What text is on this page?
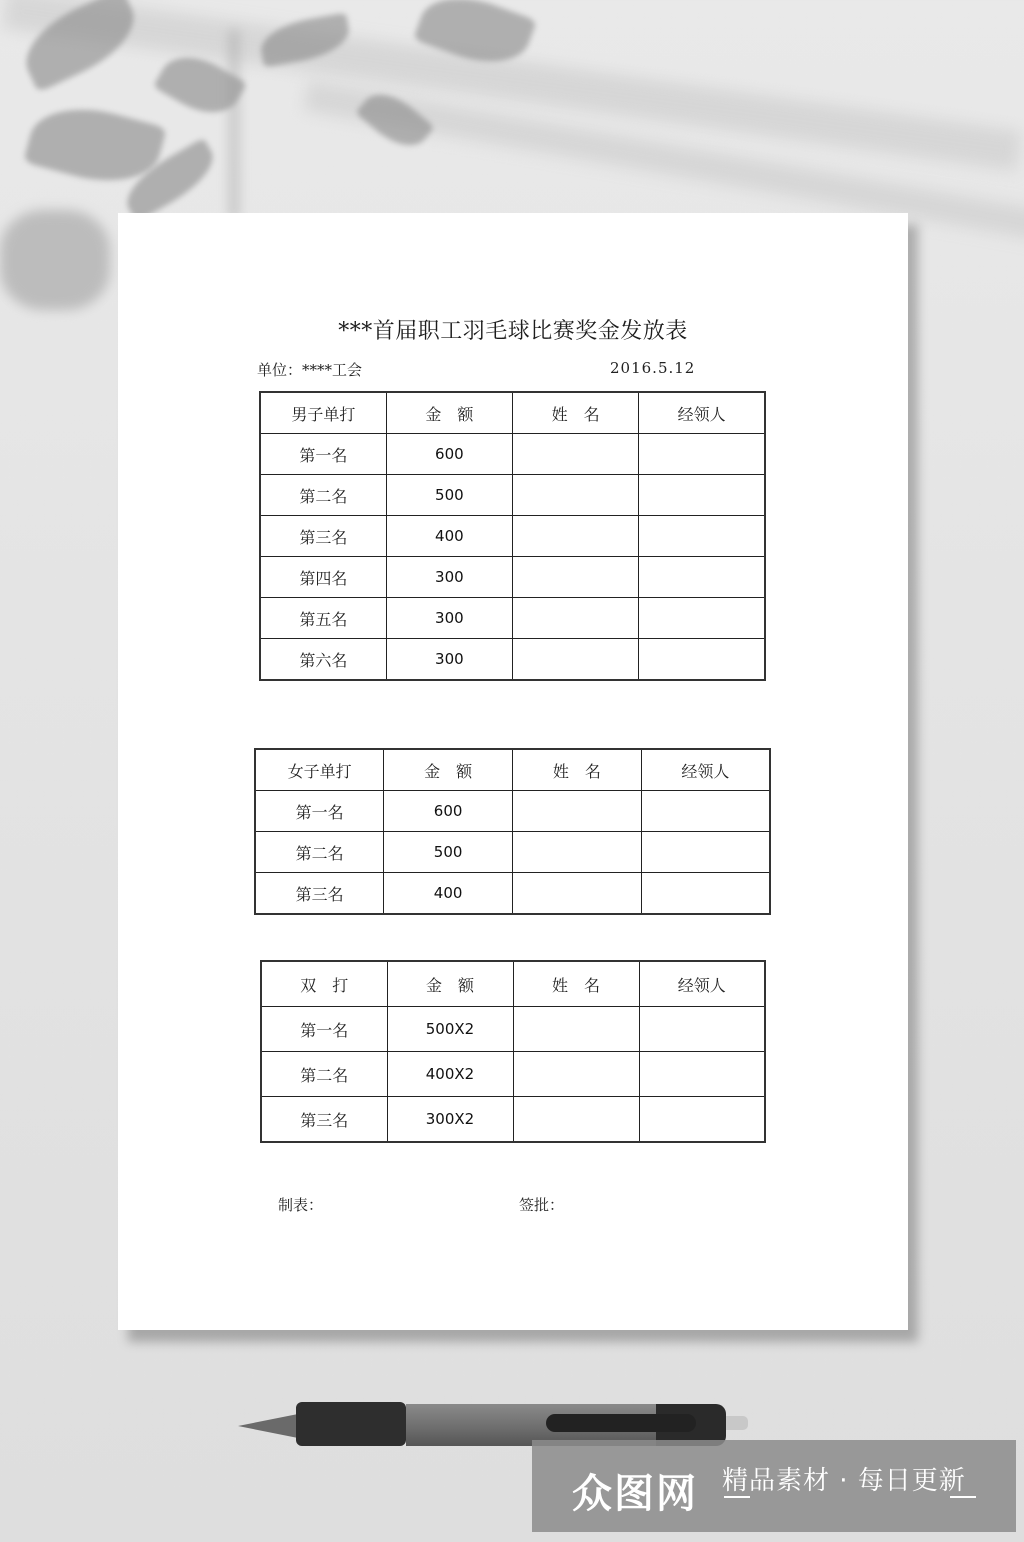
***首届职工羽毛球比赛奖金发放表
单位：****工会	2016.5.12
男子单打	金　额	姓　名	经领人
第一名	600		
第二名	500		
第三名	400		
第四名	300		
第五名	300		
第六名	300		
女子单打	金　额	姓　名	经领人
第一名	600		
第二名	500		
第三名	400		
双　打	金　额	姓　名	经领人
第一名	500X2		
第二名	400X2		
第三名	300X2		
制表：	签批：
众图网 精品素材 · 每日更新
